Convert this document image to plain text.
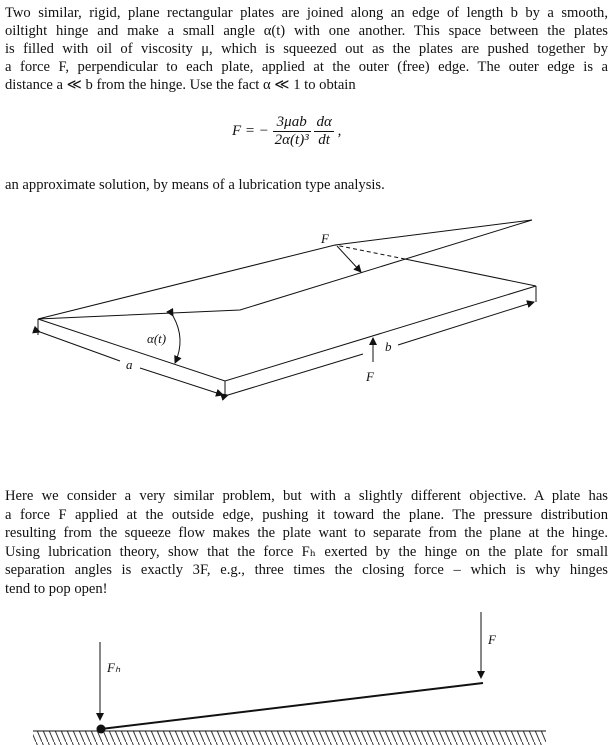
Two similar, rigid, plane rectangular plates are joined along an edge of length b by a smooth,
oiltight hinge and make a small angle α(t) with one another. This space between the plates
is filled with oil of viscosity μ, which is squeezed out as the plates are pushed together by
a force F, perpendicular to each plate, applied at the outer (free) edge. The outer edge is a
distance a ≪ b from the hinge. Use the fact α ≪ 1 to obtain
F = − $\frac{\text{3μab}}{\text{2α(t)³}}$
$\frac{d\alpha}{dt}$ ,
an approximate solution, by means of a lubrication type analysis.
F
α(t)
a
b
F
Fₕ
F
Here we consider a very similar problem, but with a slightly different objective. A plate has
a force F applied at the outside edge, pushing it toward the plane. The pressure distribution
resulting from the squeeze flow makes the plate want to separate from the plane at the hinge.
Using lubrication theory, show that the force Fₕ exerted by the hinge on the plate for small
separation angles is exactly 3F, e.g., three times the closing force – which is why hinges
tend to pop open!
